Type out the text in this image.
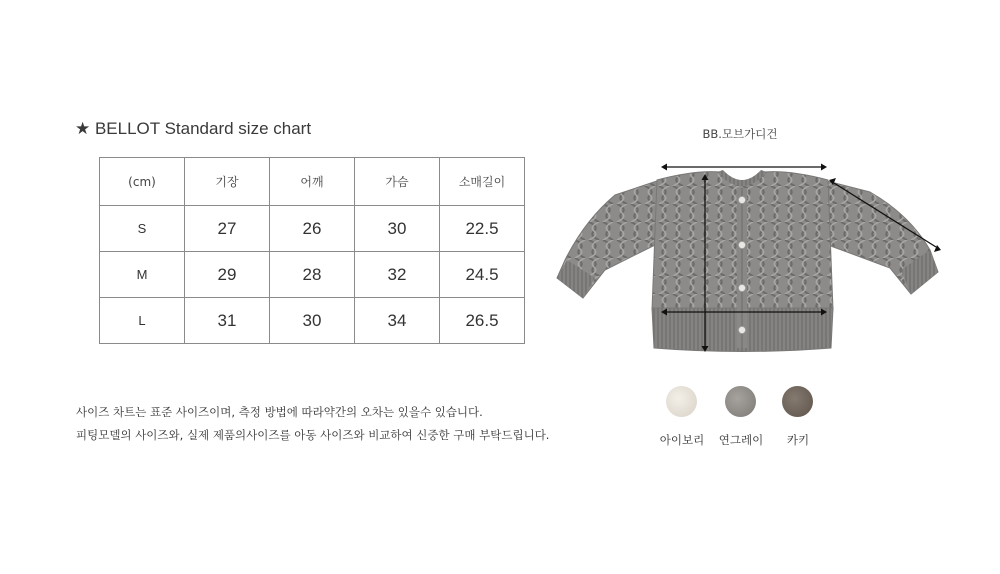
★ BELLOT Standard size chart
(cm)	기장	어깨	가슴	소매길이
S	27	26	30	22.5
M	29	28	32	24.5
L	31	30	34	26.5
사이즈 차트는 표준 사이즈이며, 측정 방법에 따라약간의 오차는 있을수 있습니다.
피팅모델의 사이즈와, 실제 제품의사이즈를 아동 사이즈와 비교하여 신중한 구매 부탁드립니다.
BB.모브가디건
아이보리	연그레이	카키
